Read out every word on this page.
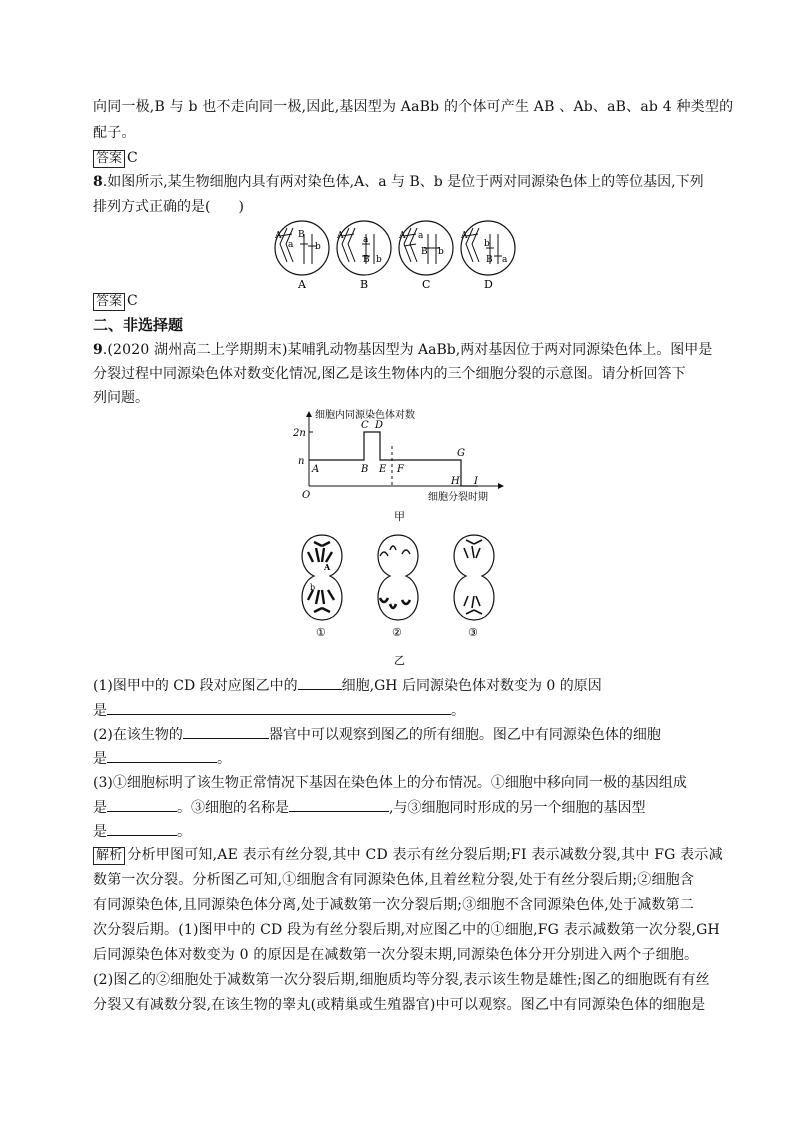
向同一极,B 与 b 也不走向同一极,因此,基因型为 AaBb 的个体可产生 AB 、Ab、aB、ab 4 种类型的
配子。
答案 C
8.如图所示,某生物细胞内具有两对染色体,A、a 与 B、b 是位于两对同源染色体上的等位基因,下列
排列方式正确的是(　　)
A B
a b
A
A a
B b
B
A a
B b
C
A
b
B a
D
答案 C
二、非选择题
9.(2020 湖州高二上学期期末)某哺乳动物基因型为 AaBb,两对基因位于两对同源染色体上。图甲是
分裂过程中同源染色体对数变化情况,图乙是该生物体内的三个细胞分裂的示意图。请分析回答下
列问题。
细胞内同源染色体对数
2n
n
O
A	B
C D
E F
G
H I
细胞分裂时期
甲
A
b
①	②	③
乙
(1)图甲中的 CD 段对应图乙中的	细胞,GH 后同源染色体对数变为 0 的原因
是	。
(2)在该生物的	器官中可以观察到图乙的所有细胞。图乙中有同源染色体的细胞
是	。
(3)①细胞标明了该生物正常情况下基因在染色体上的分布情况。①细胞中移向同一极的基因组成
是	。③细胞的名称是	,与③细胞同时形成的另一个细胞的基因型
是	。
解析 分析甲图可知,AE 表示有丝分裂,其中 CD 表示有丝分裂后期;FI 表示减数分裂,其中 FG 表示减
数第一次分裂。分析图乙可知,①细胞含有同源染色体,且着丝粒分裂,处于有丝分裂后期;②细胞含
有同源染色体,且同源染色体分离,处于减数第一次分裂后期;③细胞不含同源染色体,处于减数第二
次分裂后期。(1)图甲中的 CD 段为有丝分裂后期,对应图乙中的①细胞,FG 表示减数第一次分裂,GH
后同源染色体对数变为 0 的原因是在减数第一次分裂末期,同源染色体分开分别进入两个子细胞。
(2)图乙的②细胞处于减数第一次分裂后期,细胞质均等分裂,表示该生物是雄性;图乙的细胞既有有丝
分裂又有减数分裂,在该生物的睾丸(或精巢或生殖器官)中可以观察。图乙中有同源染色体的细胞是
